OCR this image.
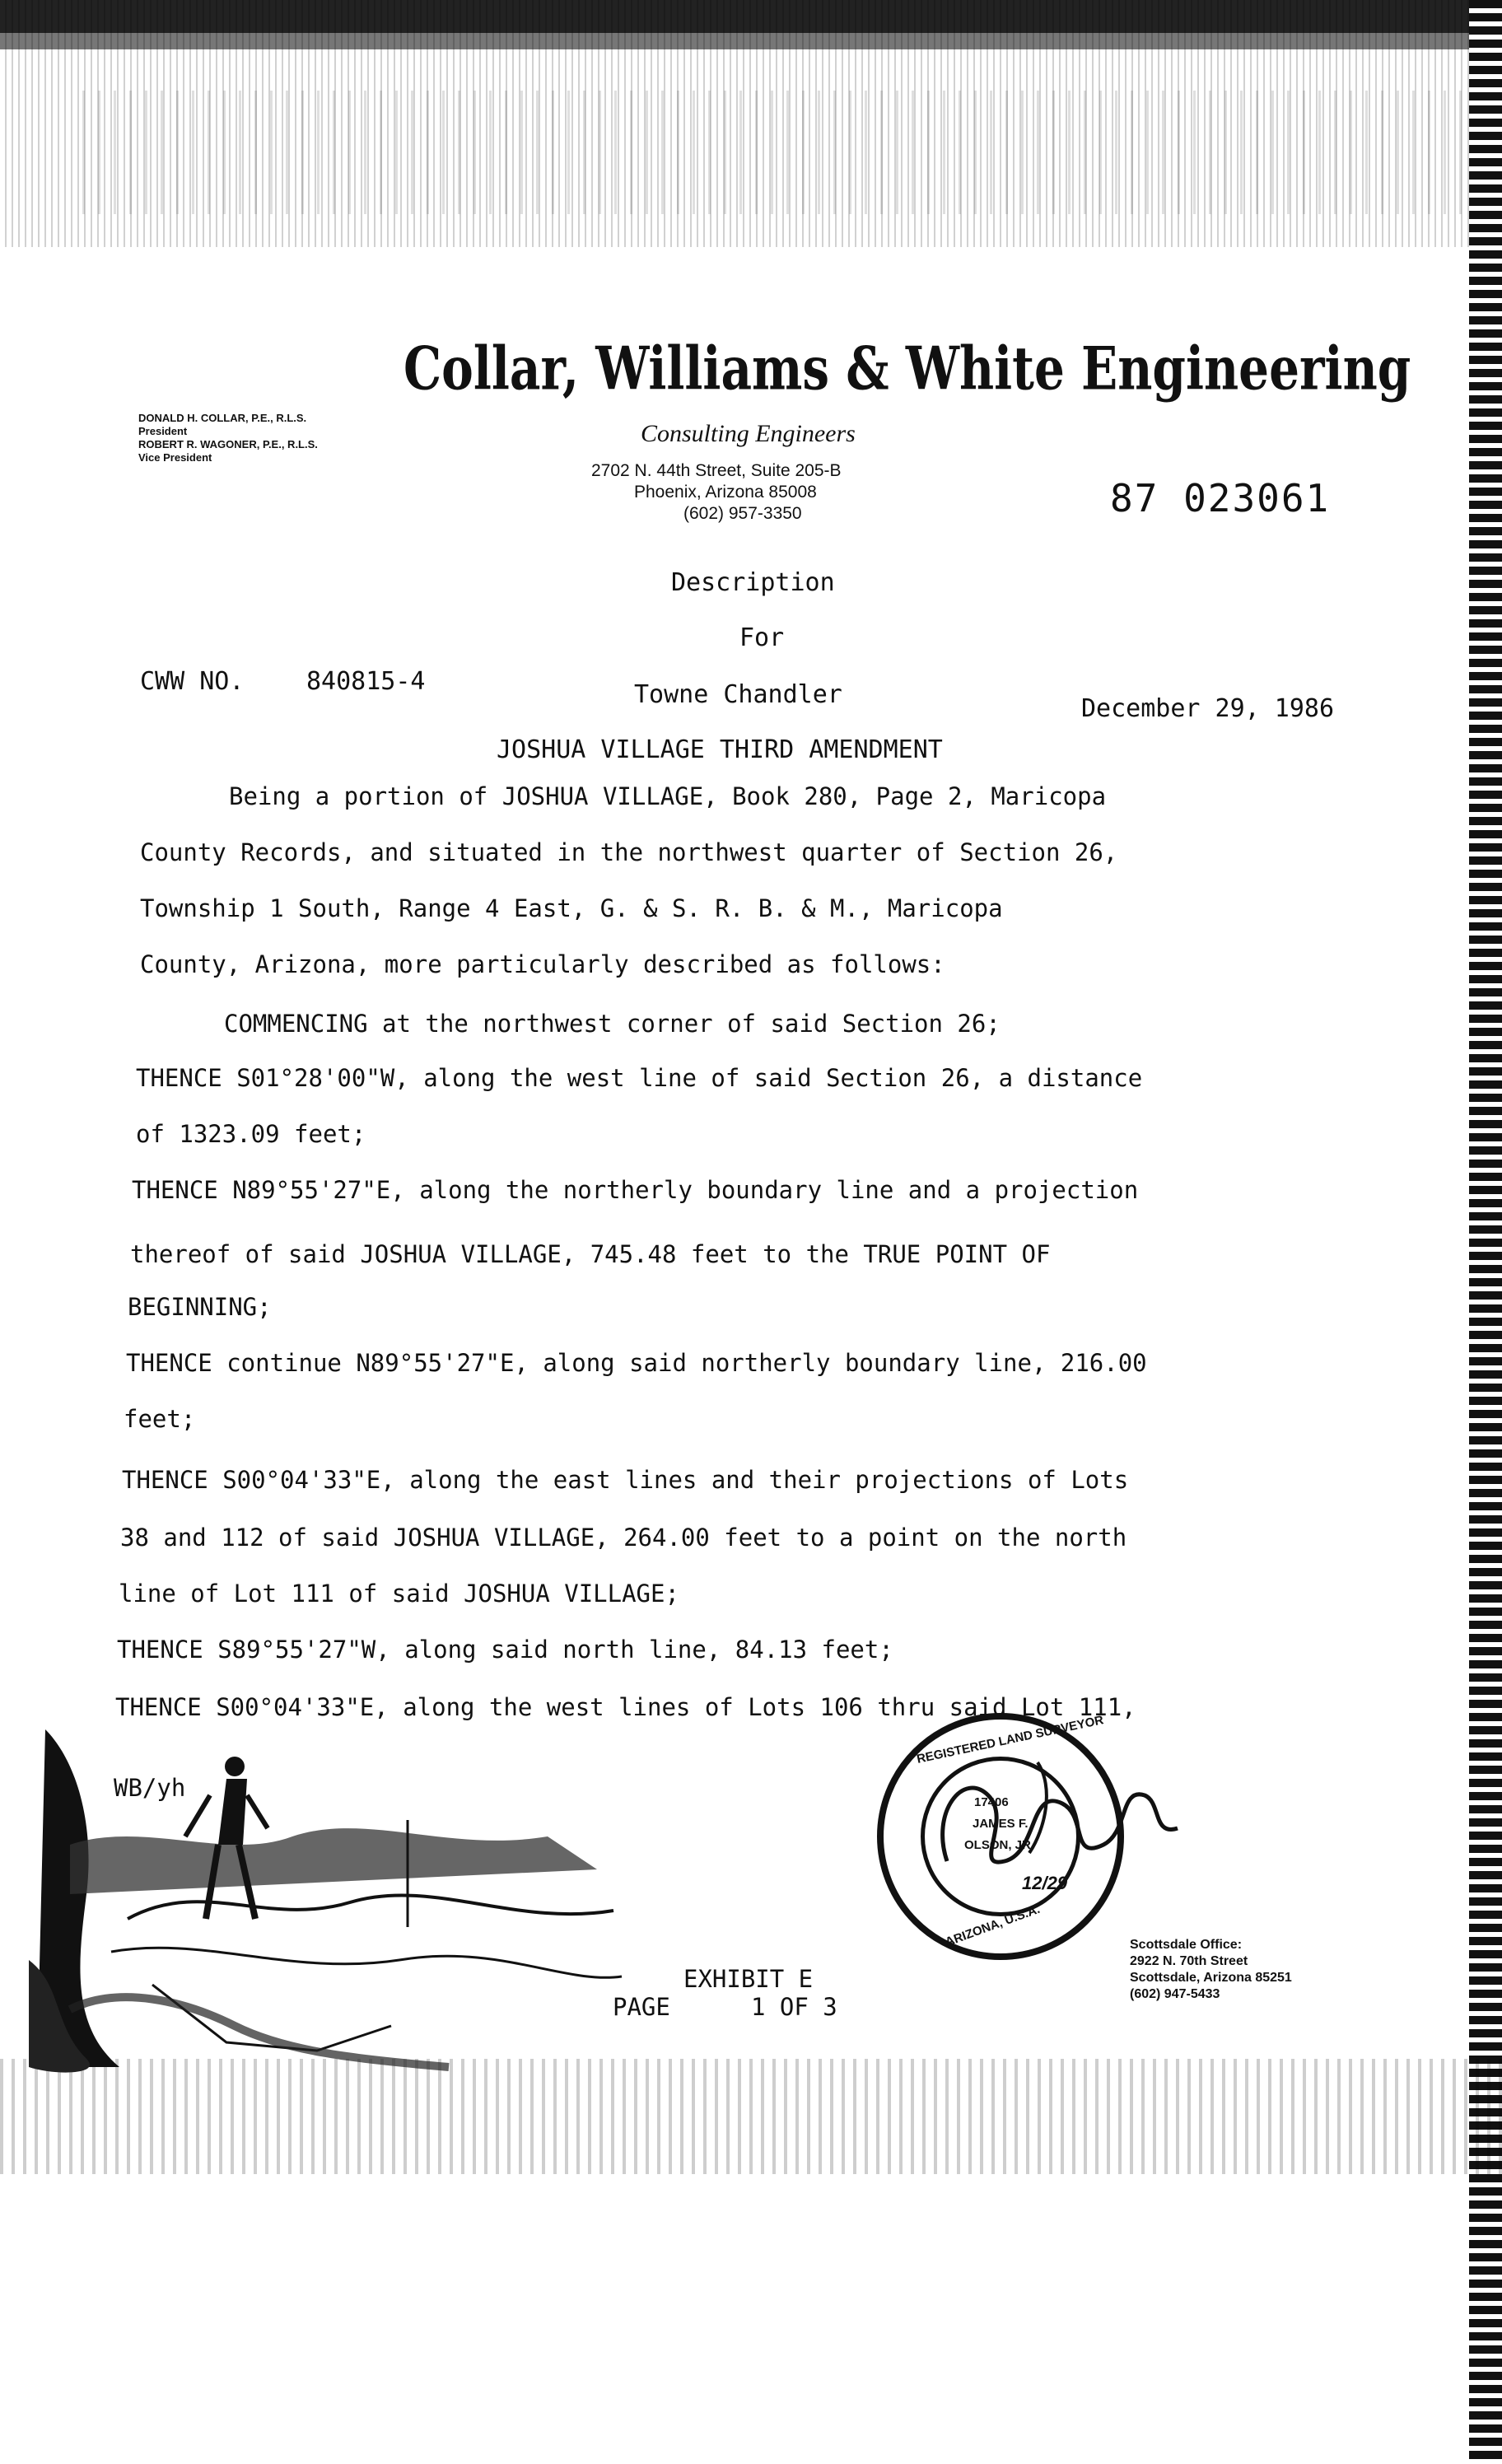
Collar, Williams & White Engineering
DONALD H. COLLAR, P.E., R.L.S.
President
ROBERT R. WAGONER, P.E., R.L.S.
Vice President
Consulting Engineers
2702 N. 44th Street, Suite 205-B
Phoenix, Arizona 85008
(602) 957-3350	87 023061
Description
For
CWW NO.	840815-4	Towne Chandler	December 29, 1986
JOSHUA VILLAGE THIRD AMENDMENT
Being a portion of JOSHUA VILLAGE, Book 280, Page 2, Maricopa
County Records, and situated in the northwest quarter of Section 26,
Township 1 South, Range 4 East, G. & S. R. B. & M., Maricopa
County, Arizona, more particularly described as follows:
COMMENCING at the northwest corner of said Section 26;
THENCE S01°28'00"W, along the west line of said Section 26, a distance
of 1323.09 feet;
THENCE N89°55'27"E, along the northerly boundary line and a projection
thereof of said JOSHUA VILLAGE, 745.48 feet to the TRUE POINT OF
BEGINNING;
THENCE continue N89°55'27"E, along said northerly boundary line, 216.00
feet;
THENCE S00°04'33"E, along the east lines and their projections of Lots
38 and 112 of said JOSHUA VILLAGE, 264.00 feet to a point on the north
line of Lot 111 of said JOSHUA VILLAGE;
THENCE S89°55'27"W, along said north line, 84.13 feet;
THENCE S00°04'33"E, along the west lines of Lots 106 thru said Lot 111,
WB/yh
EXHIBIT E
PAGE	1 OF 3
REGISTERED LAND SURVEYOR
17406
JAMES F.
OLSON, JR.
ARIZONA, U.S.A.
12/29
Scottsdale Office:
2922 N. 70th Street
Scottsdale, Arizona 85251
(602) 947-5433
